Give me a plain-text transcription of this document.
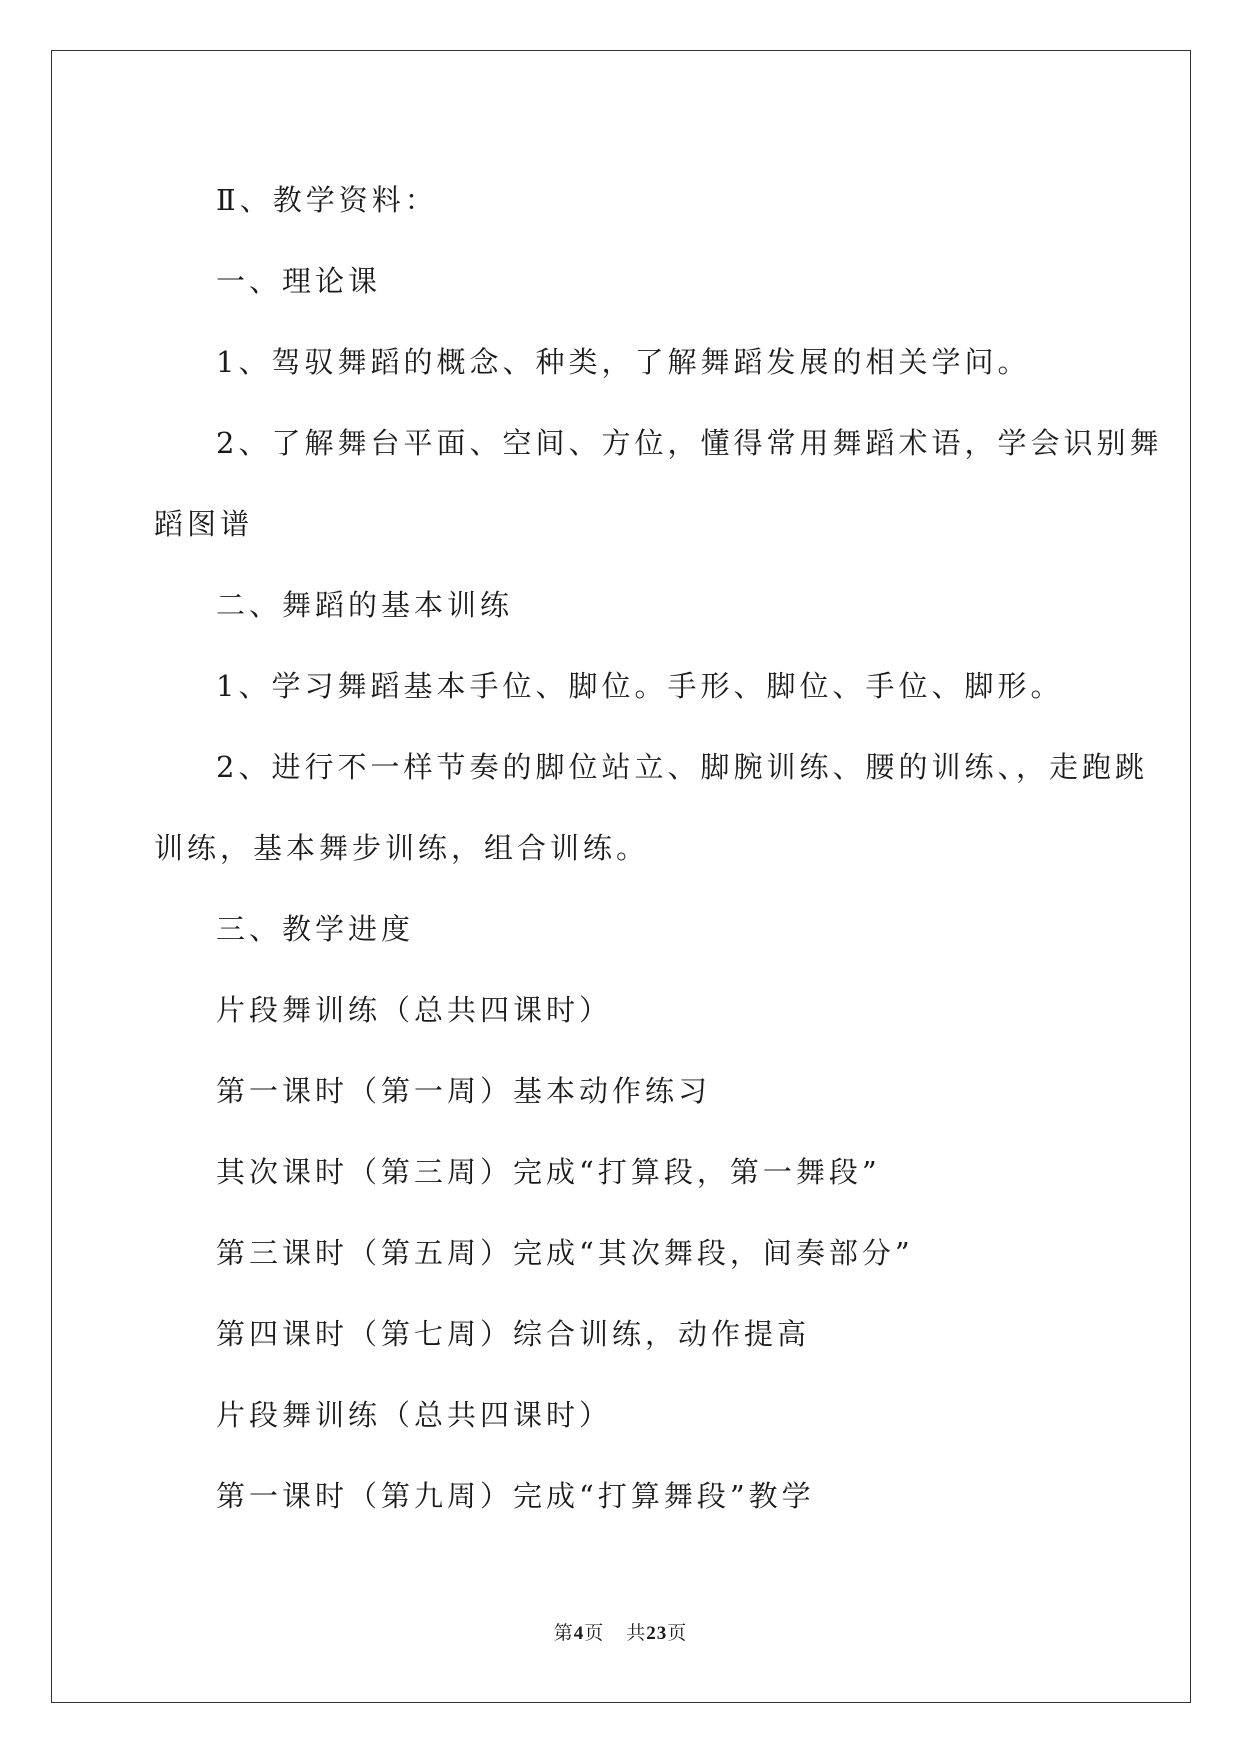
Ⅱ、教学资料：

一、理论课

1、驾驭舞蹈的概念、种类，了解舞蹈发展的相关学问。

2、了解舞台平面、空间、方位，懂得常用舞蹈术语，学会识别舞

蹈图谱

二、舞蹈的基本训练

1、学习舞蹈基本手位、脚位。手形、脚位、手位、脚形。

2、进行不一样节奏的脚位站立、脚腕训练、腰的训练、，走跑跳

训练，基本舞步训练，组合训练。

三、教学进度

片段舞训练（总共四课时）

第一课时（第一周）基本动作练习

其次课时（第三周）完成“打算段，第一舞段”

第三课时（第五周）完成“其次舞段，间奏部分”

第四课时（第七周）综合训练，动作提高

片段舞训练（总共四课时）

第一课时（第九周）完成“打算舞段”教学

第4页 共23页
